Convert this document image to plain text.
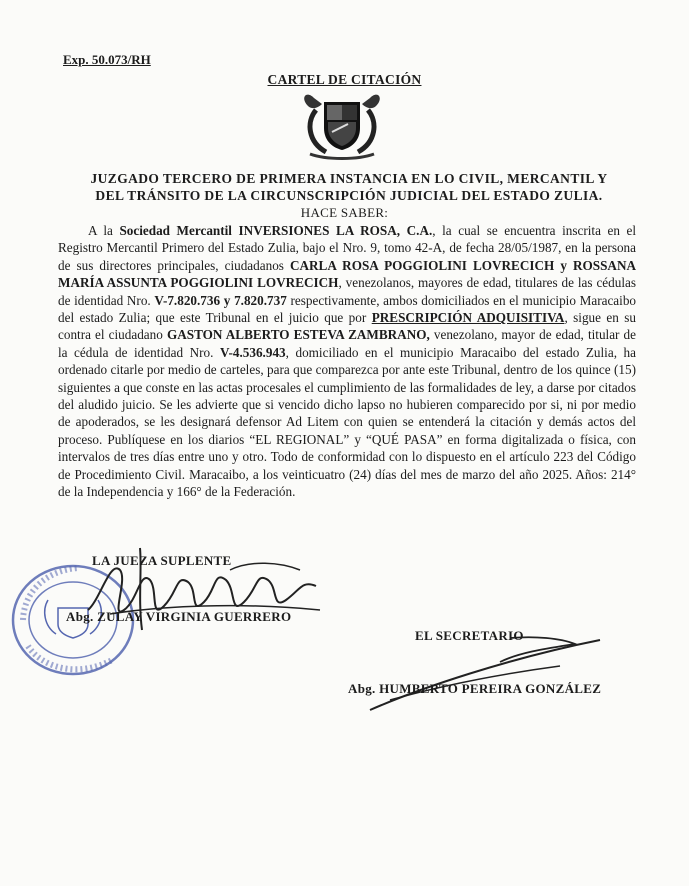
Exp. 50.073/RH
CARTEL DE CITACIÓN
JUZGADO TERCERO DE PRIMERA INSTANCIA EN LO CIVIL, MERCANTIL Y
DEL TRÁNSITO DE LA CIRCUNSCRIPCIÓN JUDICIAL DEL ESTADO ZULIA.
HACE SABER:

A la Sociedad Mercantil INVERSIONES LA ROSA, C.A., la cual se encuentra inscrita en el Registro Mercantil Primero del Estado Zulia, bajo el Nro. 9, tomo 42-A, de fecha 28/05/1987, en la persona de sus directores principales, ciudadanos CARLA ROSA POGGIOLINI LOVRECICH y ROSSANA MARÍA ASSUNTA POGGIOLINI LOVRECICH, venezolanos, mayores de edad, titulares de las cédulas de identidad Nro. V-7.820.736 y 7.820.737 respectivamente, ambos domiciliados en el municipio Maracaibo del estado Zulia; que este Tribunal en el juicio que por PRESCRIPCIÓN ADQUISITIVA, sigue en su contra el ciudadano GASTON ALBERTO ESTEVA ZAMBRANO, venezolano, mayor de edad, titular de la cédula de identidad Nro. V-4.536.943, domiciliado en el municipio Maracaibo del estado Zulia, ha ordenado citarle por medio de carteles, para que comparezca por ante este Tribunal, dentro de los quince (15) siguientes a que conste en las actas procesales el cumplimiento de las formalidades de ley, a darse por citados del aludido juicio. Se les advierte que si vencido dicho lapso no hubieren comparecido por si, ni por medio de apoderados, se les designará defensor Ad Litem con quien se entenderá la citación y demás actos del proceso. Publíquese en los diarios “EL REGIONAL” y “QUÉ PASA” en forma digitalizada o física, con intervalos de tres días entre uno y otro. Todo de conformidad con lo dispuesto en el artículo 223 del Código de Procedimiento Civil. Maracaibo, a los veinticuatro (24) días del mes de marzo del año 2025. Años: 214° de la Independencia y 166° de la Federación.

LA JUEZA SUPLENTE
Abg. ZULAY VIRGINIA GUERRERO
EL SECRETARIO
Abg. HUMBERTO PEREIRA GONZÁLEZ
